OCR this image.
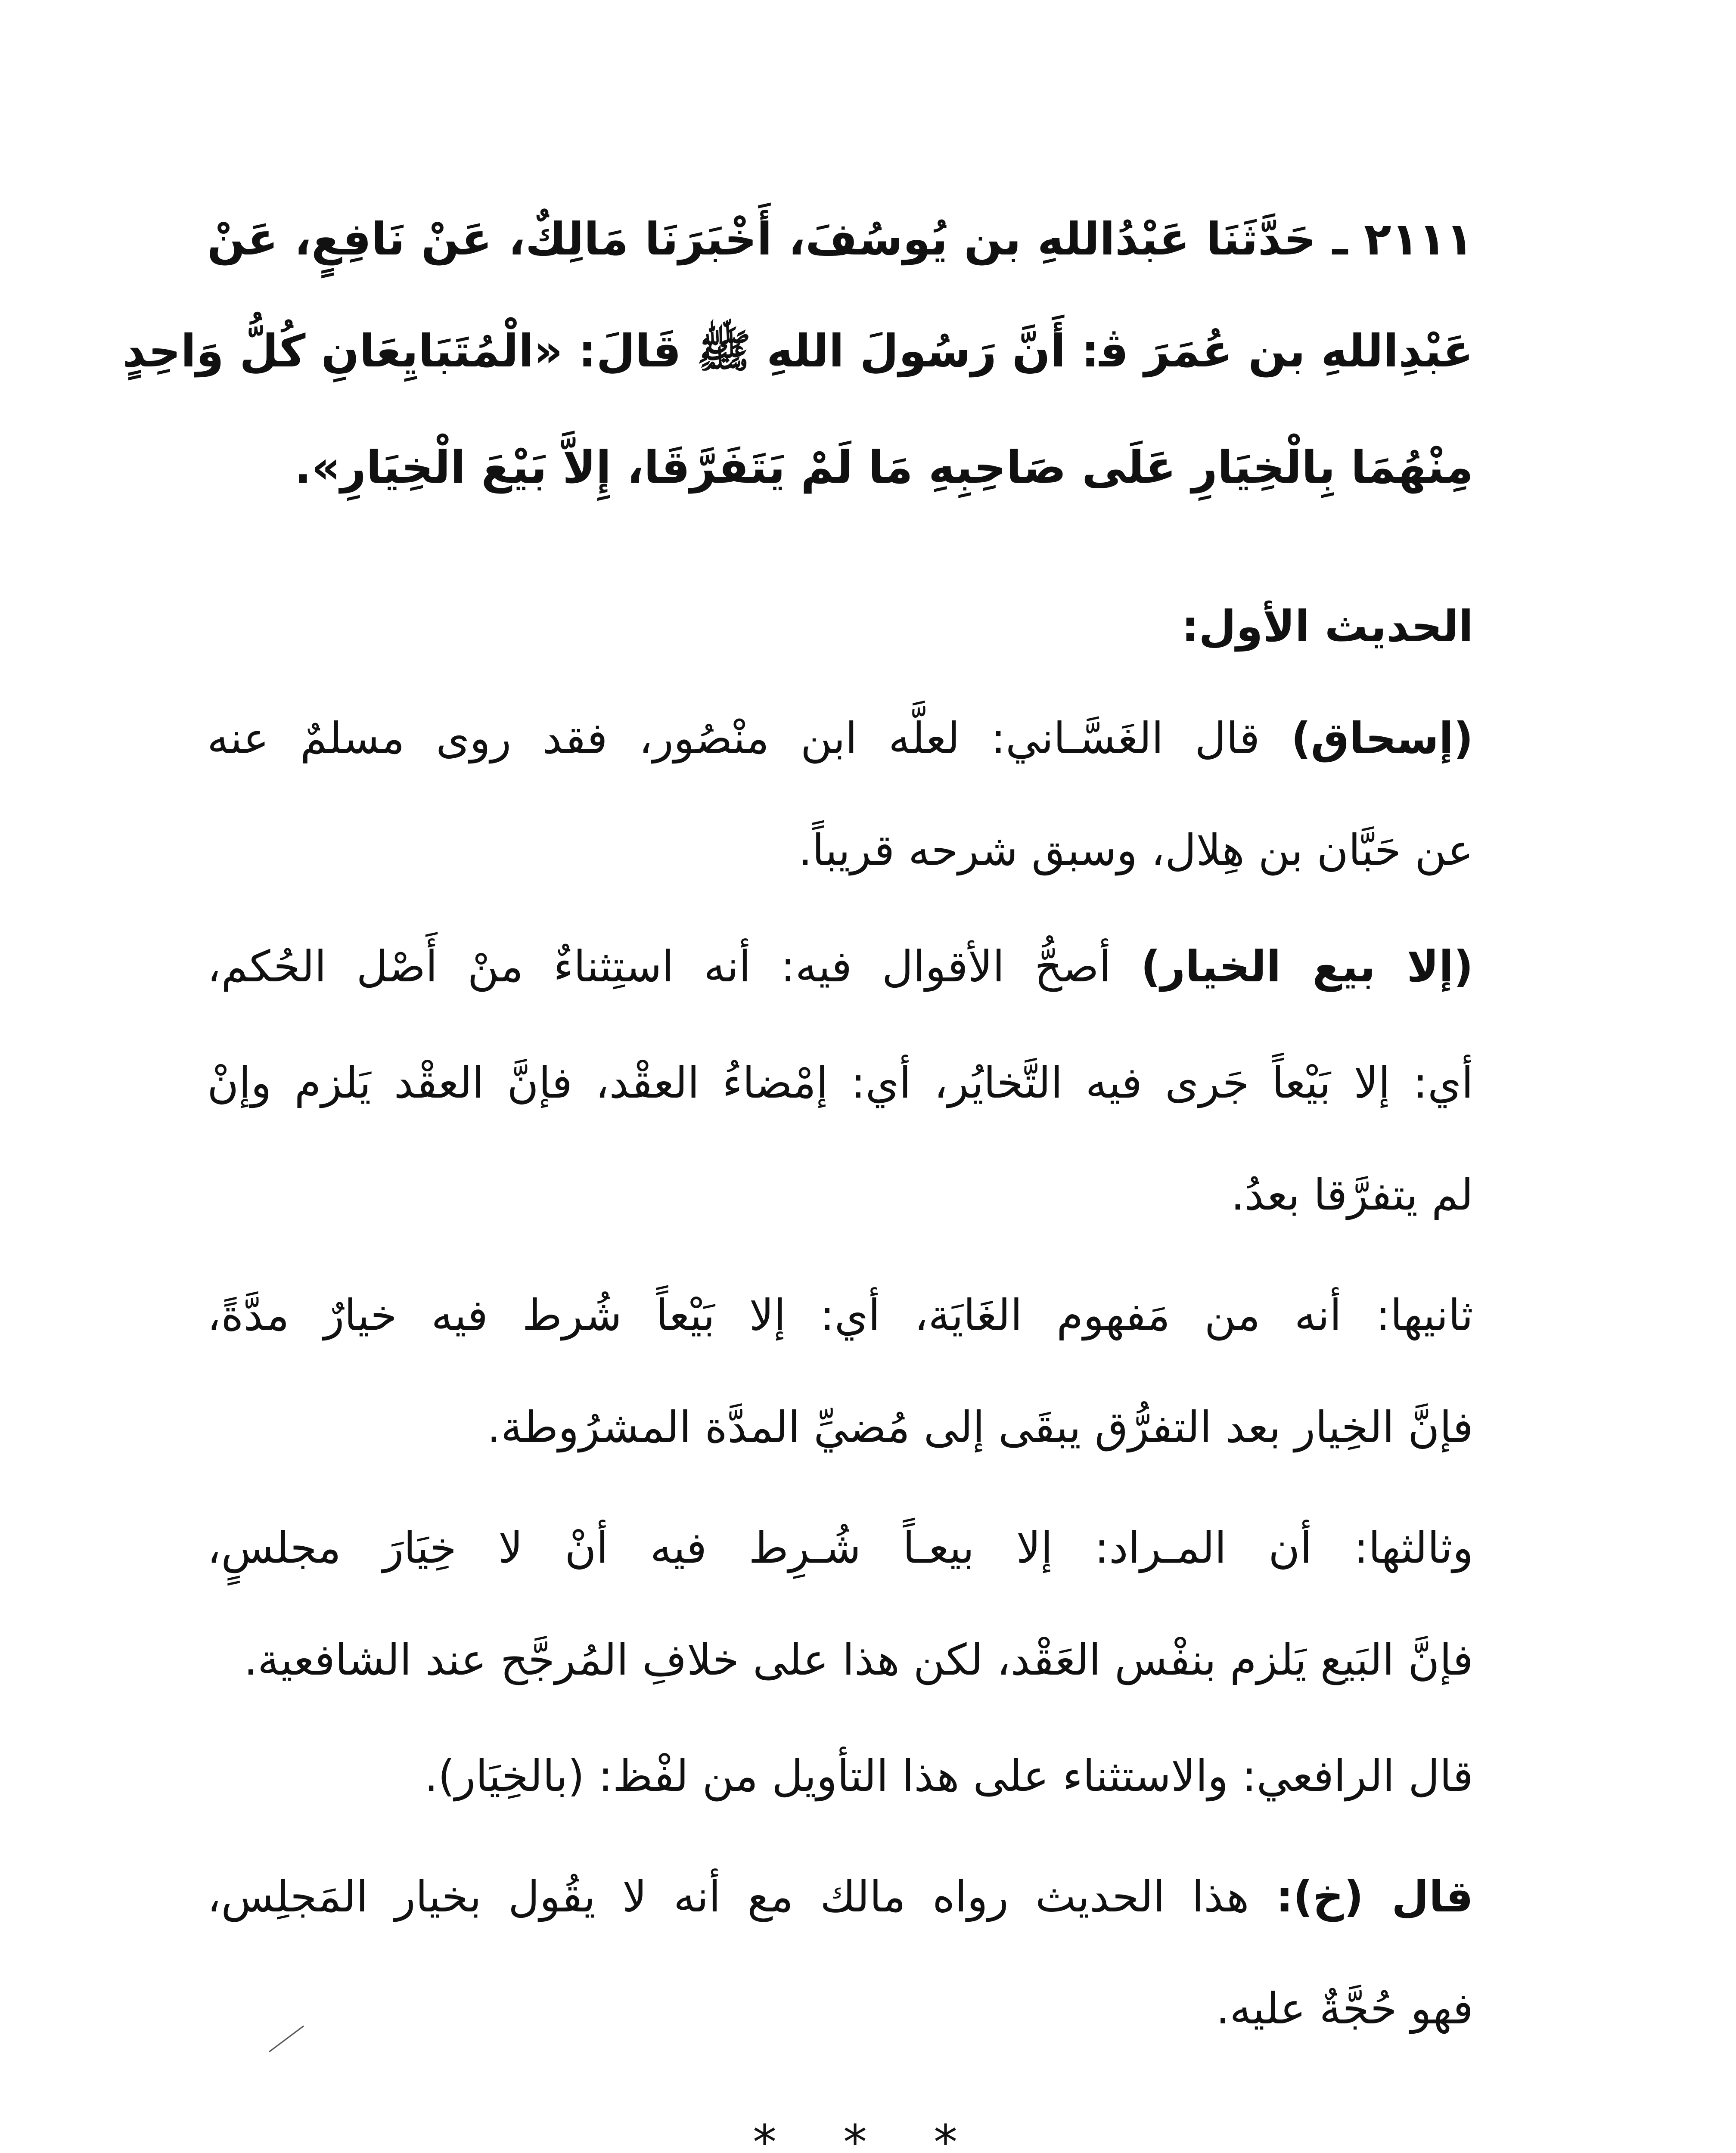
٢١١١ ـ حَدَّثَنَا عَبْدُاللهِ بن يُوسُفَ، أَخْبَرَنَا مَالِكٌ، عَنْ نَافِعٍ، عَنْ
عَبْدِاللهِ بن عُمَرَ ﭬ: أَنَّ رَسُولَ اللهِ ﷺ قَالَ: «الْمُتَبَايِعَانِ كُلُّ وَاحِدٍ
مِنْهُمَا بِالْخِيَارِ عَلَى صَاحِبِهِ مَا لَمْ يَتَفَرَّقَا، إِلاَّ بَيْعَ الْخِيَارِ».
الحديث الأول:
(إسحاق) قال الغَسَّـاني: لعلَّه ابن منْصُور، فقد روى مسلمٌ عنه
عن حَبَّان بن هِلال، وسبق شرحه قريباً.
(إلا بيع الخيار) أصحُّ الأقوال فيه: أنه استِثناءٌ منْ أَصْل الحُكم،
أي: إلا بَيْعاً جَرى فيه التَّخايُر، أي: إمْضاءُ العقْد، فإنَّ العقْد يَلزم وإنْ
لم يتفرَّقا بعدُ.
ثانيها: أنه من مَفهوم الغَايَة، أي: إلا بَيْعاً شُرط فيه خيارٌ مدَّةً،
فإنَّ الخِيار بعد التفرُّق يبقَى إلى مُضيِّ المدَّة المشرُوطة.
وثالثها: أن المـراد: إلا بيعـاً شُـرِط فيه أنْ لا خِيَارَ مجلسٍ،
فإنَّ البَيع يَلزم بنفْس العَقْد، لكن هذا على خلافِ المُرجَّح عند الشافعية.
قال الرافعي: والاستثناء على هذا التأويل من لفْظ: (بالخِيَار).
قال (خ): هذا الحديث رواه مالك مع أنه لا يقُول بخيار المَجلِس،
فهو حُجَّةٌ عليه.
* * *
